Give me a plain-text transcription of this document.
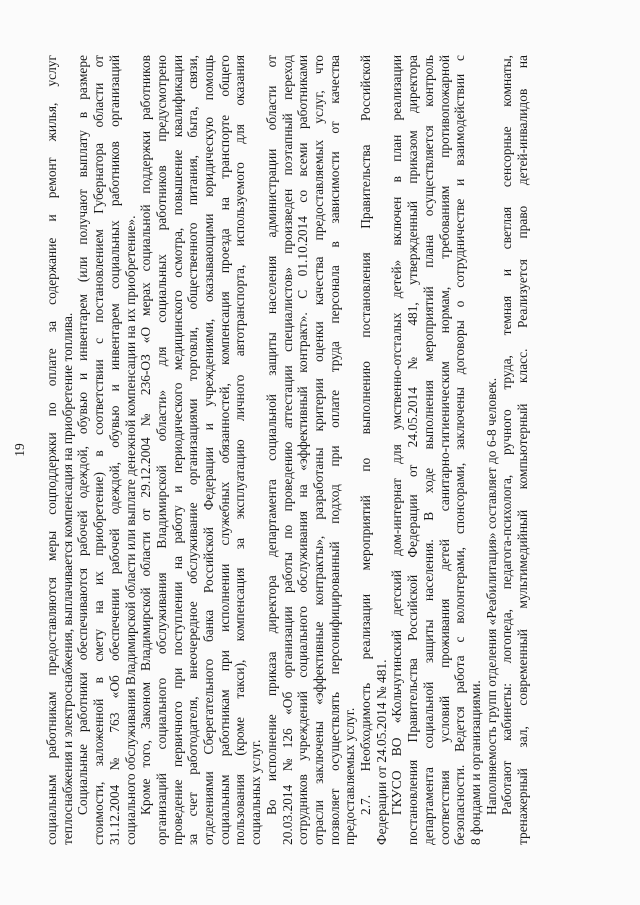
19 социальным работникам предоставляются меры соцподдержки по оплате за содержание и ремонт жилья, услуг теплоснабжения и электроснабжения, выплачивается компенсация на приобретение топлива. Социальные работники обеспечиваются рабочей одеждой, обувью и инвентарем (или получают выплату в размере стоимости, заложенной в смету на их приобретение) в соответствии с постановлением Губернатора области от 31.12.2004 № 763 «Об обеспечении рабочей одеждой, обувью и инвентарем социальных работников организаций социального обслуживания Владимирской области или выплате денежной компенсации на их приобретение». Кроме того, Законом Владимирской области от 29.12.2004 № 236-ОЗ «О мерах социальной поддержки работников организаций социального обслуживания Владимирской области» для социальных работников предусмотрено проведение первичного при поступлении на работу и периодического медицинского осмотра, повышение квалификации за счет работодателя, внеочередное обслуживание организациями торговли, общественного питания, быта, связи, отделениями Сберегательного банка Российской Федерации и учреждениями, оказывающими юридическую помощь социальным работникам при исполнении служебных обязанностей, компенсация проезда на транспорте общего пользования (кроме такси), компенсация за эксплуатацию личного автотранспорта, используемого для оказания социальных услуг. Во исполнение приказа директора департамента социальной защиты населения администрации области от 20.03.2014 №126 «Об организации работы по проведению аттестации специалистов» произведен поэтапный переход сотрудников учреждений социального обслуживания на «эффективный контракт». С 01.10.2014 со всеми работниками отрасли заключены «эффективные контракты», разработаны критерии оценки качества предоставляемых услуг, что позволяет осуществлять персонифицированный подход при оплате труда персонала в зависимости от качества предоставляемых услуг. 2.7. Необходимость реализации мероприятий по выполнению постановления Правительства Российской Федерации от 24.05.2014 № 481. ГКУСО ВО «Кольчугинский детский дом-интернат для умственно-отсталых детей» включен в план реализации постановления Правительства Российской Федерации от 24.05.2014 № 481, утвержденный приказом директора департамента социальной защиты населения. В ходе выполнения мероприятий плана осуществляется контроль соответствия условий проживания детей санитарно-гигиеническим нормам, требованиям противопожарной безопасности. Ведется работа с волонтерами, спонсорами, заключены договоры о сотрудничестве и взаимодействии с 8 фондами и организациями. Наполняемость групп отделения «Реабилитация» составляет до 6-8 человек. Работают кабинеты: логопеда, педагога-психолога, ручного труда, темная и светлая сенсорные комнаты, тренажерный зал, современный мультимедийный компьютерный класс. Реализуется право детей-инвалидов на
